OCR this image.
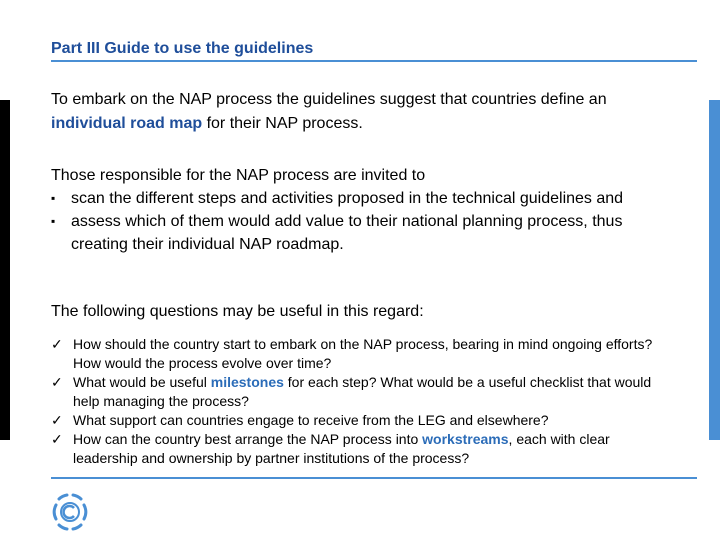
Part III Guide to use the guidelines
To embark on the NAP process the guidelines suggest that countries define an individual road map for their NAP process.
Those responsible for the NAP process are invited to
▪ scan the different steps and activities proposed in the technical guidelines and
▪ assess which of them would add value to their national planning process, thus creating their individual NAP roadmap.
The following questions may be useful in this regard:
✓ How should the country start to embark on the NAP process, bearing in mind ongoing efforts? How would the process evolve over time?
✓ What would be useful milestones for each step? What would be a useful checklist that would help managing the process?
✓ What support can countries engage to receive from the LEG and elsewhere?
✓ How can the country best arrange the NAP process into workstreams, each with clear leadership and ownership by partner institutions of the process?
